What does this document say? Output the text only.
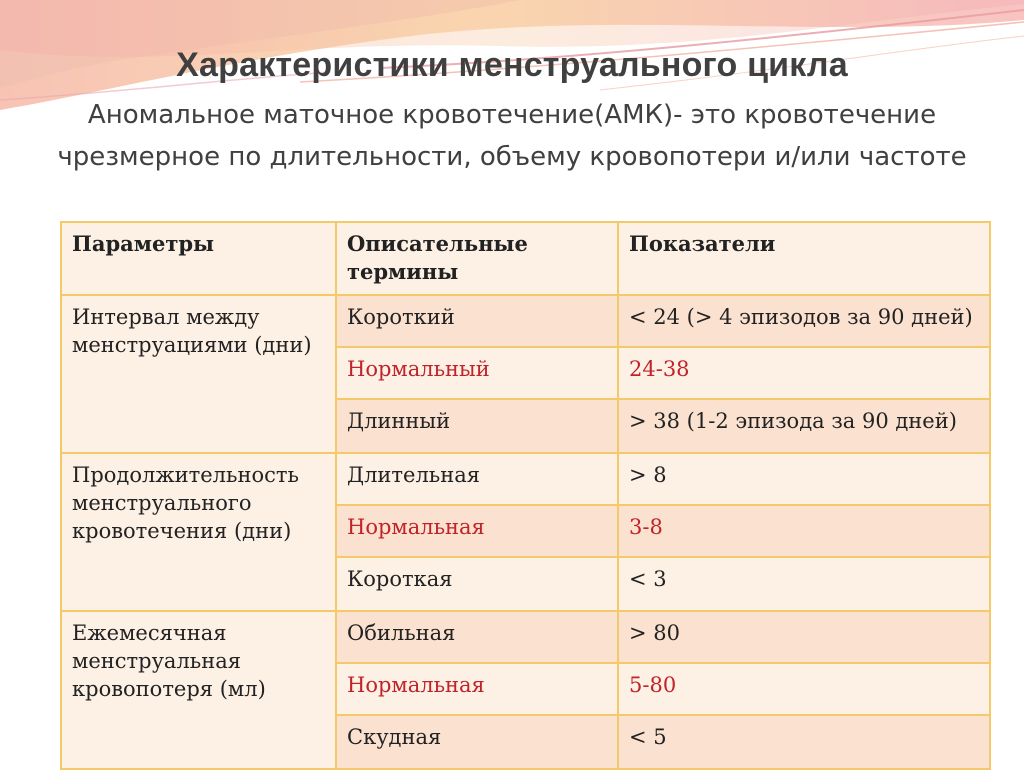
Характеристики менструального цикла
Аномальное маточное кровотечение(АМК)- это кровотечение чрезмерное по длительности, объему кровопотери и/или частоте
Параметры	Описательные термины	Показатели
Интервал между менструациями (дни)	Короткий	< 24 (> 4 эпизодов за 90 дней)
	Нормальный	24-38
	Длинный	> 38 (1-2 эпизода за 90 дней)
Продолжительность менструального кровотечения (дни)	Длительная	> 8
	Нормальная	3-8
	Короткая	< 3
Ежемесячная менструальная кровопотеря (мл)	Обильная	> 80
	Нормальная	5-80
	Скудная	< 5
